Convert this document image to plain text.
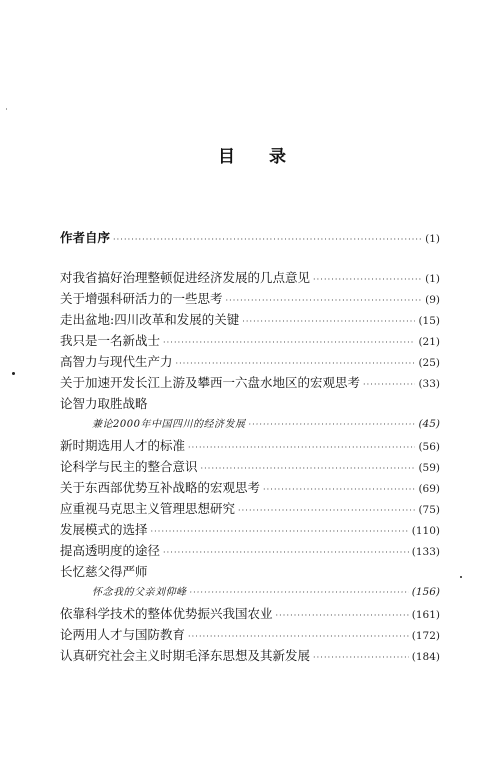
目 录
作者自序 ·····	(1)
对我省搞好治理整顿促进经济发展的几点意见 ·····	(1)
关于增强科研活力的一些思考 ·····	(9)
走出盆地:四川改革和发展的关键 ·····	(15)
我只是一名新战士 ·····	(21)
高智力与现代生产力 ·····	(25)
关于加速开发长江上游及攀西一六盘水地区的宏观思考 ·····	(33)
论智力取胜战略
兼论2000年中国四川的经济发展 ·····	(45)
新时期选用人才的标准 ·····	(56)
论科学与民主的整合意识 ·····	(59)
关于东西部优势互补战略的宏观思考 ·····	(69)
应重视马克思主义管理思想研究 ·····	(75)
发展模式的选择 ·····	(110)
提高透明度的途径 ·····	(133)
长忆慈父得严师
怀念我的父亲刘仰峰 ·····	(156)
依靠科学技术的整体优势振兴我国农业 ·····	(161)
论两用人才与国防教育 ·····	(172)
认真研究社会主义时期毛泽东思想及其新发展 ·····	(184)
